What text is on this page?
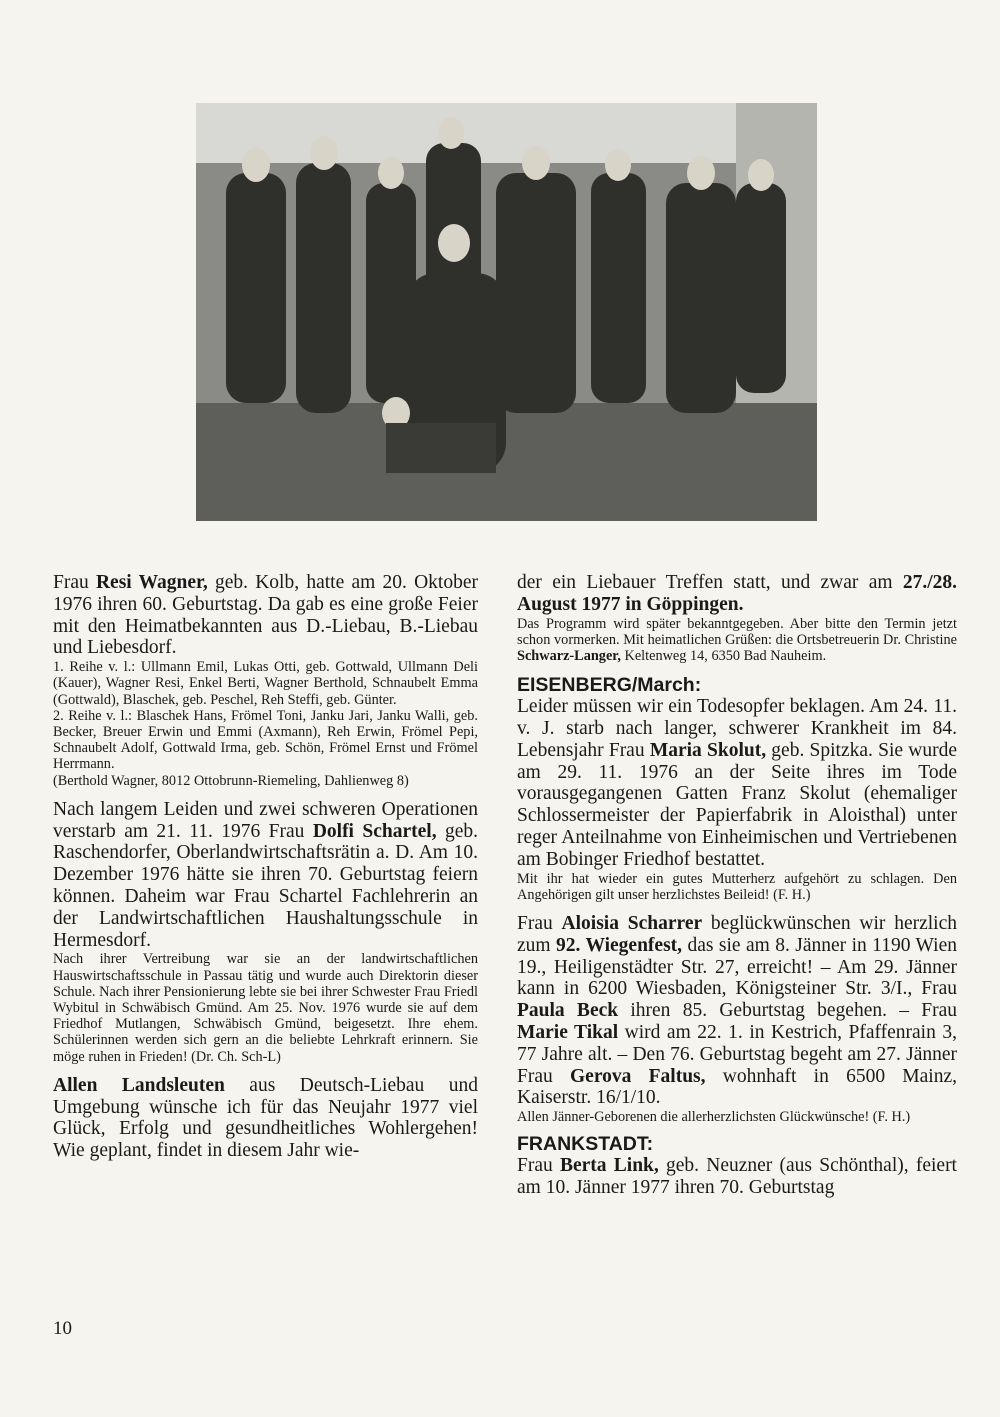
Frau Resi Wagner, geb. Kolb, hatte am 20. Oktober 1976 ihren 60. Geburtstag. Da gab es eine große Feier mit den Heimatbekannten aus D.-Liebau, B.-Liebau und Liebesdorf.

1. Reihe v. l.: Ullmann Emil, Lukas Otti, geb. Gottwald, Ullmann Deli (Kauer), Wagner Resi, Enkel Berti, Wagner Berthold, Schnaubelt Emma (Gottwald), Blaschek, geb. Peschel, Reh Steffi, geb. Günter.

2. Reihe v. l.: Blaschek Hans, Frömel Toni, Janku Jari, Janku Walli, geb. Becker, Breuer Erwin und Emmi (Axmann), Reh Erwin, Frömel Pepi, Schnaubelt Adolf, Gottwald Irma, geb. Schön, Frömel Ernst und Frömel Herrmann.

(Berthold Wagner, 8012 Ottobrunn-Riemeling, Dahlienweg 8)

Nach langem Leiden und zwei schweren Operationen verstarb am 21. 11. 1976 Frau Dolfi Schartel, geb. Raschendorfer, Oberlandwirtschaftsrätin a. D. Am 10. Dezember 1976 hätte sie ihren 70. Geburtstag feiern können. Daheim war Frau Schartel Fachlehrerin an der Landwirtschaftlichen Haushaltungsschule in Hermesdorf.

Nach ihrer Vertreibung war sie an der landwirtschaftlichen Hauswirtschaftsschule in Passau tätig und wurde auch Direktorin dieser Schule. Nach ihrer Pensionierung lebte sie bei ihrer Schwester Frau Friedl Wybitul in Schwäbisch Gmünd. Am 25. Nov. 1976 wurde sie auf dem Friedhof Mutlangen, Schwäbisch Gmünd, beigesetzt. Ihre ehem. Schülerinnen werden sich gern an die beliebte Lehrkraft erinnern. Sie möge ruhen in Frieden! (Dr. Ch. Sch-L)

Allen Landsleuten aus Deutsch-Liebau und Umgebung wünsche ich für das Neujahr 1977 viel Glück, Erfolg und gesundheitliches Wohlergehen! Wie geplant, findet in diesem Jahr wie-

der ein Liebauer Treffen statt, und zwar am 27./28. August 1977 in Göppingen.

Das Programm wird später bekanntgegeben. Aber bitte den Termin jetzt schon vormerken. Mit heimatlichen Grüßen: die Ortsbetreuerin Dr. Christine Schwarz-Langer, Keltenweg 14, 6350 Bad Nauheim.

EISENBERG/March:

Leider müssen wir ein Todesopfer beklagen. Am 24. 11. v. J. starb nach langer, schwerer Krankheit im 84. Lebensjahr Frau Maria Skolut, geb. Spitzka. Sie wurde am 29. 11. 1976 an der Seite ihres im Tode vorausgegangenen Gatten Franz Skolut (ehemaliger Schlossermeister der Papierfabrik in Aloisthal) unter reger Anteilnahme von Einheimischen und Vertriebenen am Bobinger Friedhof bestattet.

Mit ihr hat wieder ein gutes Mutterherz aufgehört zu schlagen. Den Angehörigen gilt unser herzlichstes Beileid! (F. H.)

Frau Aloisia Scharrer beglückwünschen wir herzlich zum 92. Wiegenfest, das sie am 8. Jänner in 1190 Wien 19., Heiligenstädter Str. 27, erreicht! – Am 29. Jänner kann in 6200 Wiesbaden, Königsteiner Str. 3/I., Frau Paula Beck ihren 85. Geburtstag begehen. – Frau Marie Tikal wird am 22. 1. in Kestrich, Pfaffenrain 3, 77 Jahre alt. – Den 76. Geburtstag begeht am 27. Jänner Frau Gerova Faltus, wohnhaft in 6500 Mainz, Kaiserstr. 16/1/10.

Allen Jänner-Geborenen die allerherzlichsten Glückwünsche! (F. H.)

FRANKSTADT:

Frau Berta Link, geb. Neuzner (aus Schönthal), feiert am 10. Jänner 1977 ihren 70. Geburtstag

10
